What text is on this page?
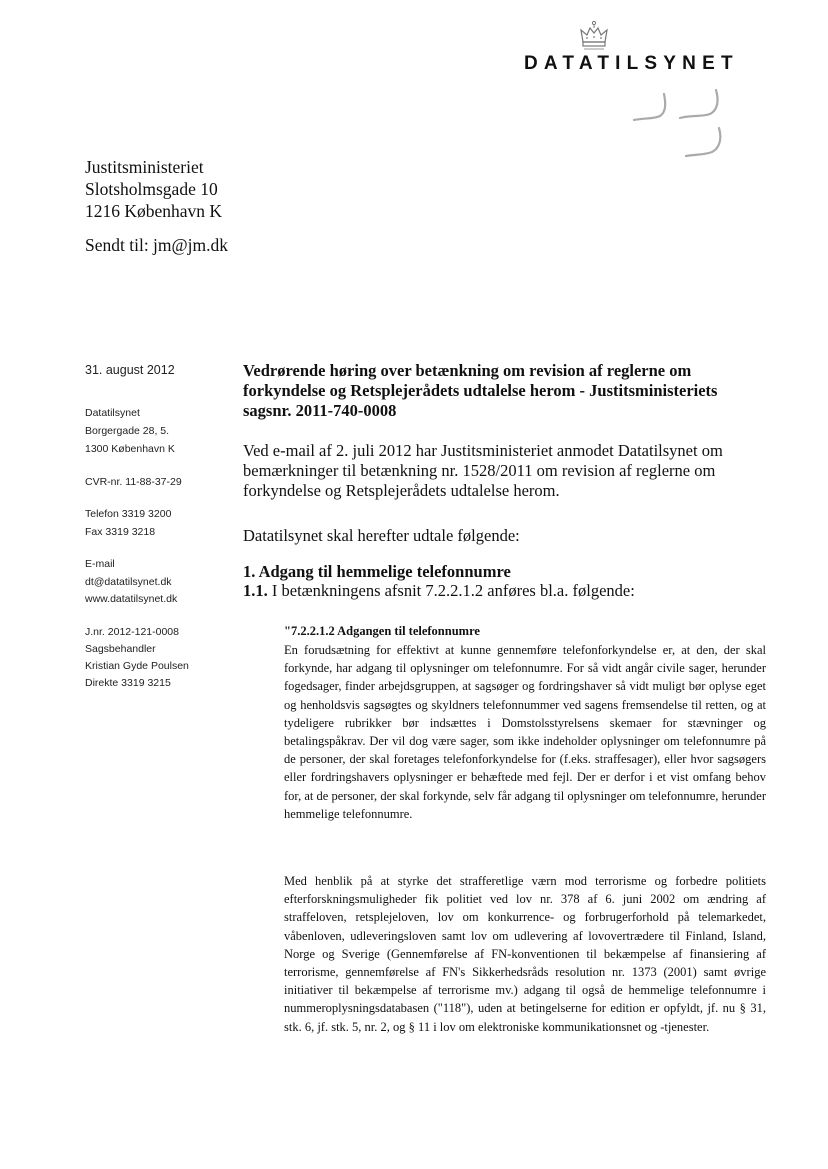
DATATILSYNET
Justitsministeriet
Slotsholmsgade 10
1216 København K
Sendt til: jm@jm.dk
31. august 2012
Datatilsynet
Borgergade 28, 5.
1300 København K
CVR-nr. 11-88-37-29
Telefon 3319 3200
Fax 3319 3218
E-mail
dt@datatilsynet.dk
www.datatilsynet.dk
J.nr. 2012-121-0008
Sagsbehandler
Kristian Gyde Poulsen
Direkte 3319 3215
Vedrørende høring over betænkning om revision af reglerne om forkyndelse og Retsplejerådets udtalelse herom - Justitsministeriets sagsnr. 2011-740-0008
Ved e-mail af 2. juli 2012 har Justitsministeriet anmodet Datatilsynet om bemærkninger til betænkning nr. 1528/2011 om revision af reglerne om forkyndelse og Retsplejerådets udtalelse herom.
Datatilsynet skal herefter udtale følgende:
1. Adgang til hemmelige telefonnumre
1.1. I betænkningens afsnit 7.2.2.1.2 anføres bl.a. følgende:
"7.2.2.1.2 Adgangen til telefonnumre
En forudsætning for effektivt at kunne gennemføre telefonforkyndelse er, at den, der skal forkynde, har adgang til oplysninger om telefonnumre. For så vidt angår civile sager, herunder fogedsager, finder arbejdsgruppen, at sagsøger og fordringshaver så vidt muligt bør oplyse eget og henholdsvis sagsøgtes og skyldners telefonnummer ved sagens fremsendelse til retten, og at tydeligere rubrikker bør indsættes i Domstolsstyrelsens skemaer for stævninger og betalingspåkrav. Der vil dog være sager, som ikke indeholder oplysninger om telefonnumre på de personer, der skal foretages telefonforkyndelse for (f.eks. straffesager), eller hvor sagsøgers eller fordringshavers oplysninger er behæftede med fejl. Der er derfor i et vist omfang behov for, at de personer, der skal forkynde, selv får adgang til oplysninger om telefonnumre, herunder hemmelige telefonnumre.
Med henblik på at styrke det strafferetlige værn mod terrorisme og forbedre politiets efterforskningsmuligheder fik politiet ved lov nr. 378 af 6. juni 2002 om ændring af straffeloven, retsplejeloven, lov om konkurrence- og forbrugerforhold på telemarkedet, våbenloven, udleveringsloven samt lov om udlevering af lovovertrædere til Finland, Island, Norge og Sverige (Gennemførelse af FN-konventionen til bekæmpelse af finansiering af terrorisme, gennemførelse af FN's Sikkerhedsråds resolution nr. 1373 (2001) samt øvrige initiativer til bekæmpelse af terrorisme mv.) adgang til også de hemmelige telefonnumre i nummeroplysningsdatabasen ("118"), uden at betingelserne for edition er opfyldt, jf. nu § 31, stk. 6, jf. stk. 5, nr. 2, og § 11 i lov om elektroniske kommunikationsnet og -tjenester.
